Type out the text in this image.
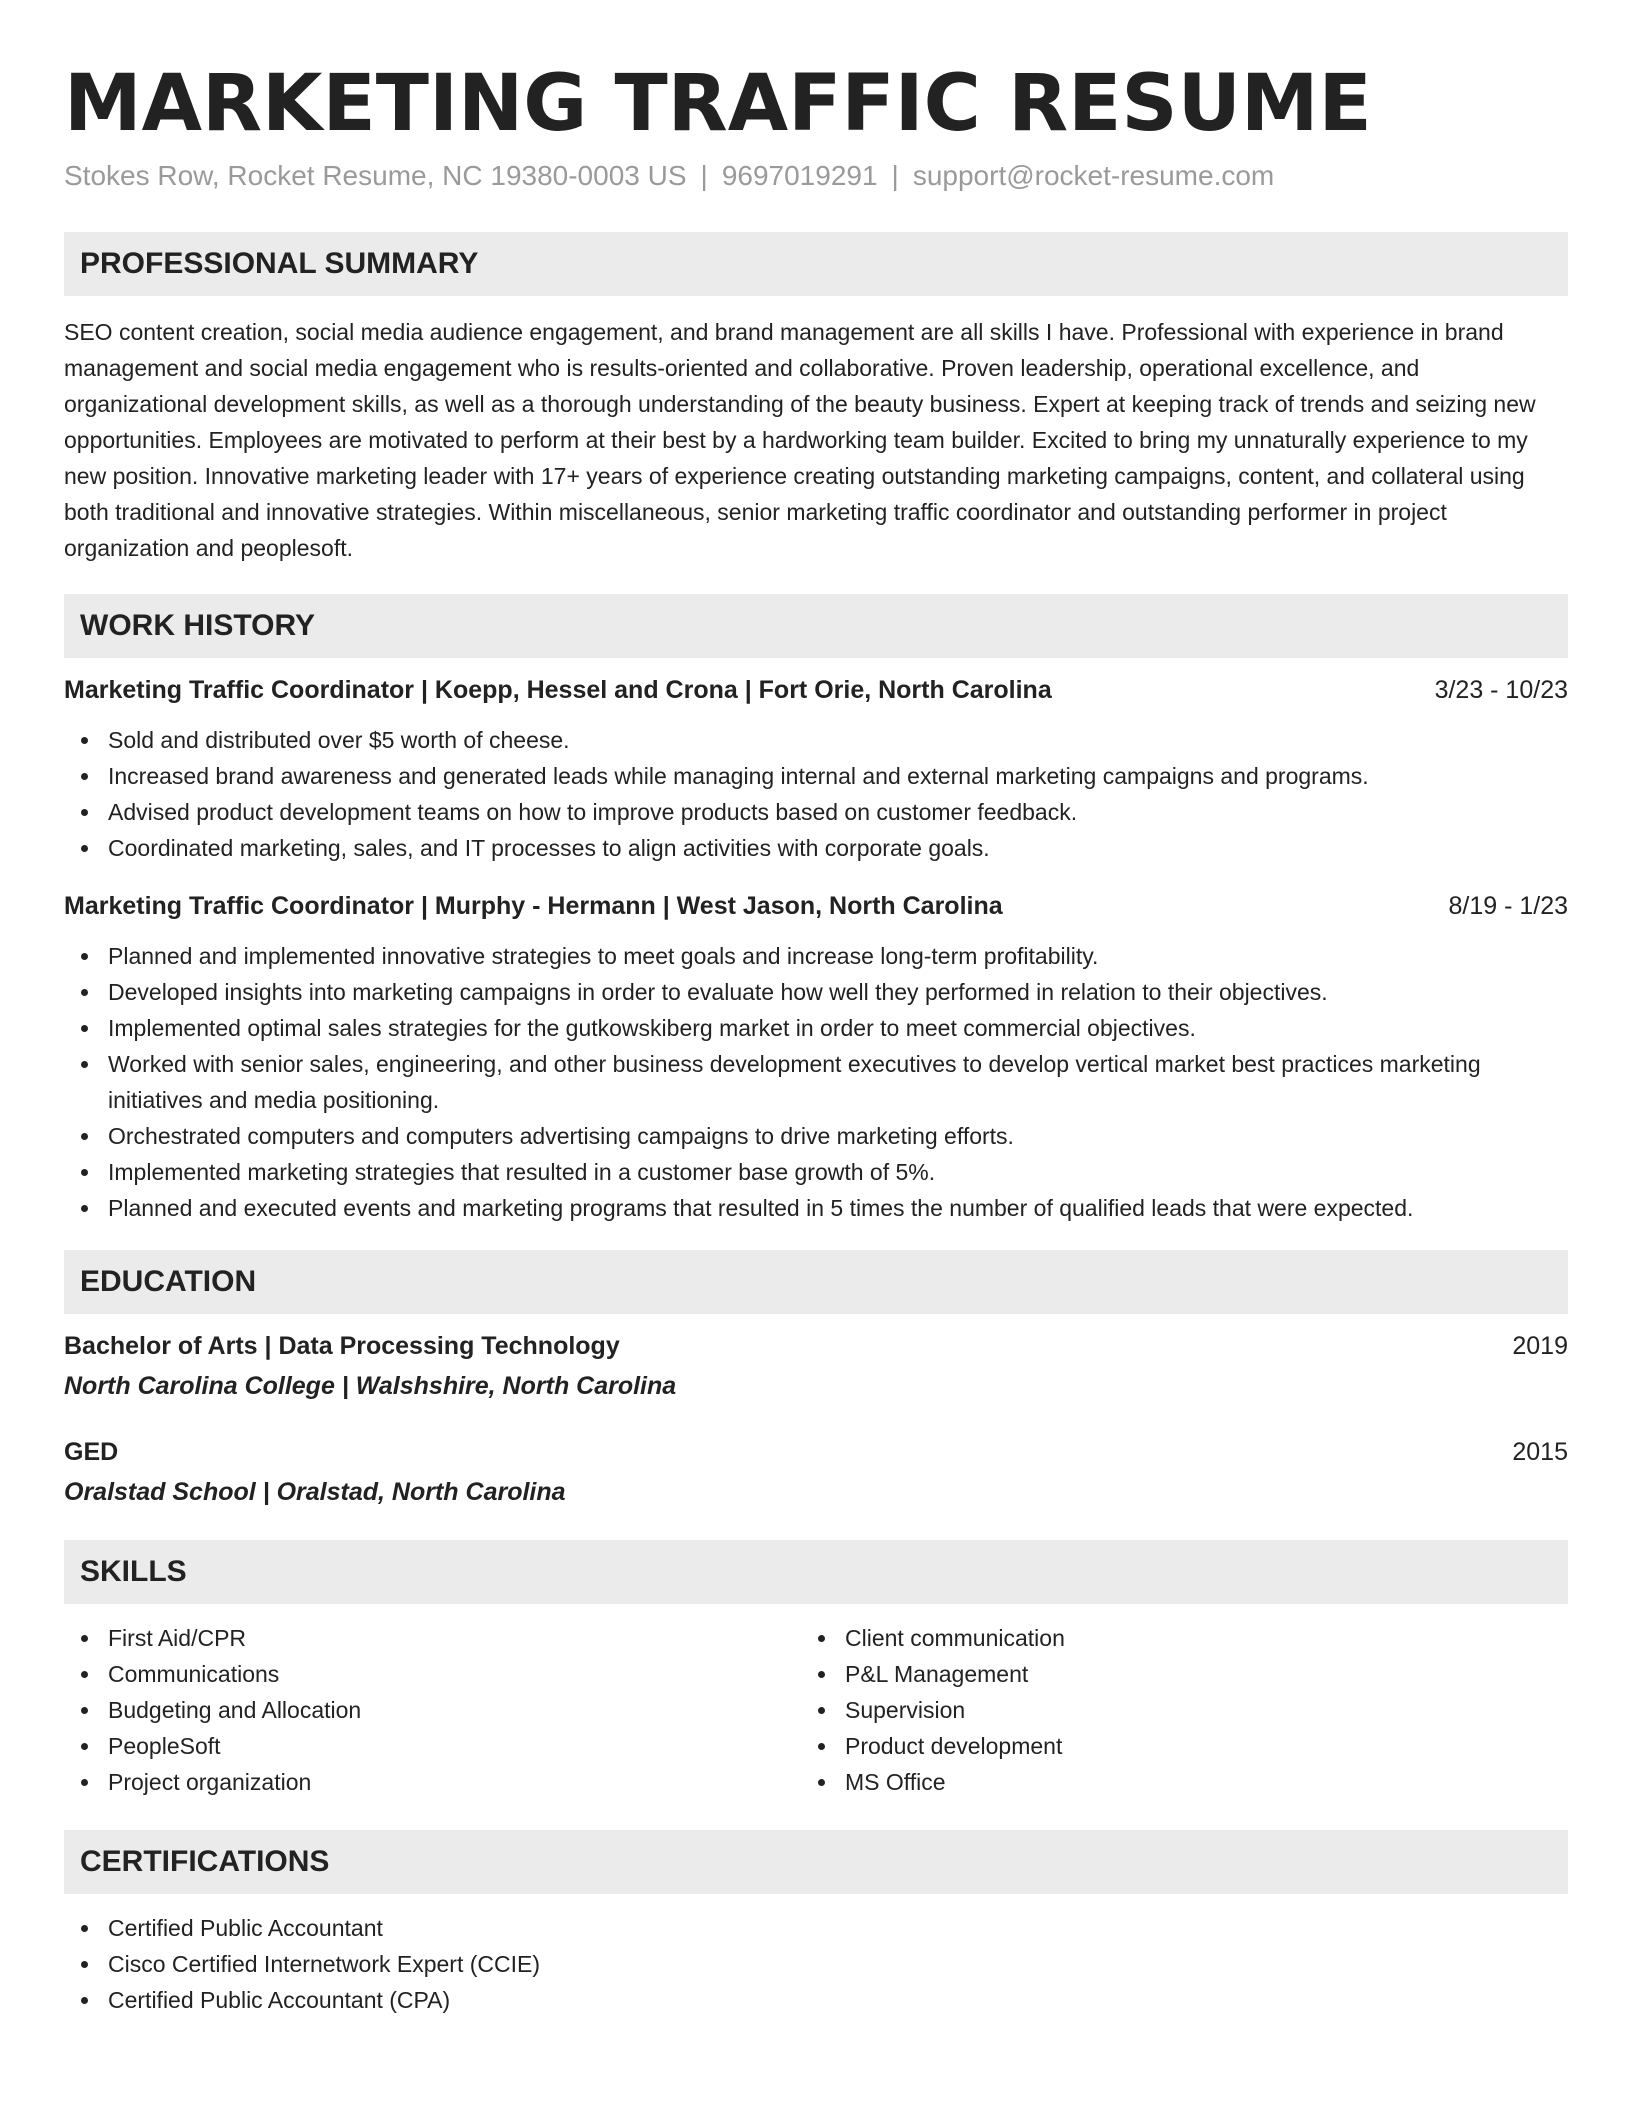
MARKETING TRAFFIC RESUME
Stokes Row, Rocket Resume, NC 19380-0003 US | 9697019291 | support@rocket-resume.com
PROFESSIONAL SUMMARY

SEO content creation, social media audience engagement, and brand management are all skills I have. Professional with experience in brand management and social media engagement who is results-oriented and collaborative. Proven leadership, operational excellence, and organizational development skills, as well as a thorough understanding of the beauty business. Expert at keeping track of trends and seizing new opportunities. Employees are motivated to perform at their best by a hardworking team builder. Excited to bring my unnaturally experience to my new position. Innovative marketing leader with 17+ years of experience creating outstanding marketing campaigns, content, and collateral using both traditional and innovative strategies. Within miscellaneous, senior marketing traffic coordinator and outstanding performer in project organization and peoplesoft.

WORK HISTORY
Marketing Traffic Coordinator | Koepp, Hessel and Crona | Fort Orie, North Carolina	3/23 - 10/23
Sold and distributed over $5 worth of cheese.
Increased brand awareness and generated leads while managing internal and external marketing campaigns and programs.
Advised product development teams on how to improve products based on customer feedback.
Coordinated marketing, sales, and IT processes to align activities with corporate goals.
Marketing Traffic Coordinator | Murphy - Hermann | West Jason, North Carolina	8/19 - 1/23
Planned and implemented innovative strategies to meet goals and increase long-term profitability.
Developed insights into marketing campaigns in order to evaluate how well they performed in relation to their objectives.
Implemented optimal sales strategies for the gutkowskiberg market in order to meet commercial objectives.
Worked with senior sales, engineering, and other business development executives to develop vertical market best practices marketing initiatives and media positioning.
Orchestrated computers and computers advertising campaigns to drive marketing efforts.
Implemented marketing strategies that resulted in a customer base growth of 5%.
Planned and executed events and marketing programs that resulted in 5 times the number of qualified leads that were expected.
EDUCATION
Bachelor of Arts | Data Processing Technology	2019
North Carolina College | Walshshire, North Carolina
GED	2015
Oralstad School | Oralstad, North Carolina
SKILLS
First Aid/CPR
Communications
Budgeting and Allocation
PeopleSoft
Project organization
Client communication
P&L Management
Supervision
Product development
MS Office
CERTIFICATIONS
Certified Public Accountant
Cisco Certified Internetwork Expert (CCIE)
Certified Public Accountant (CPA)
